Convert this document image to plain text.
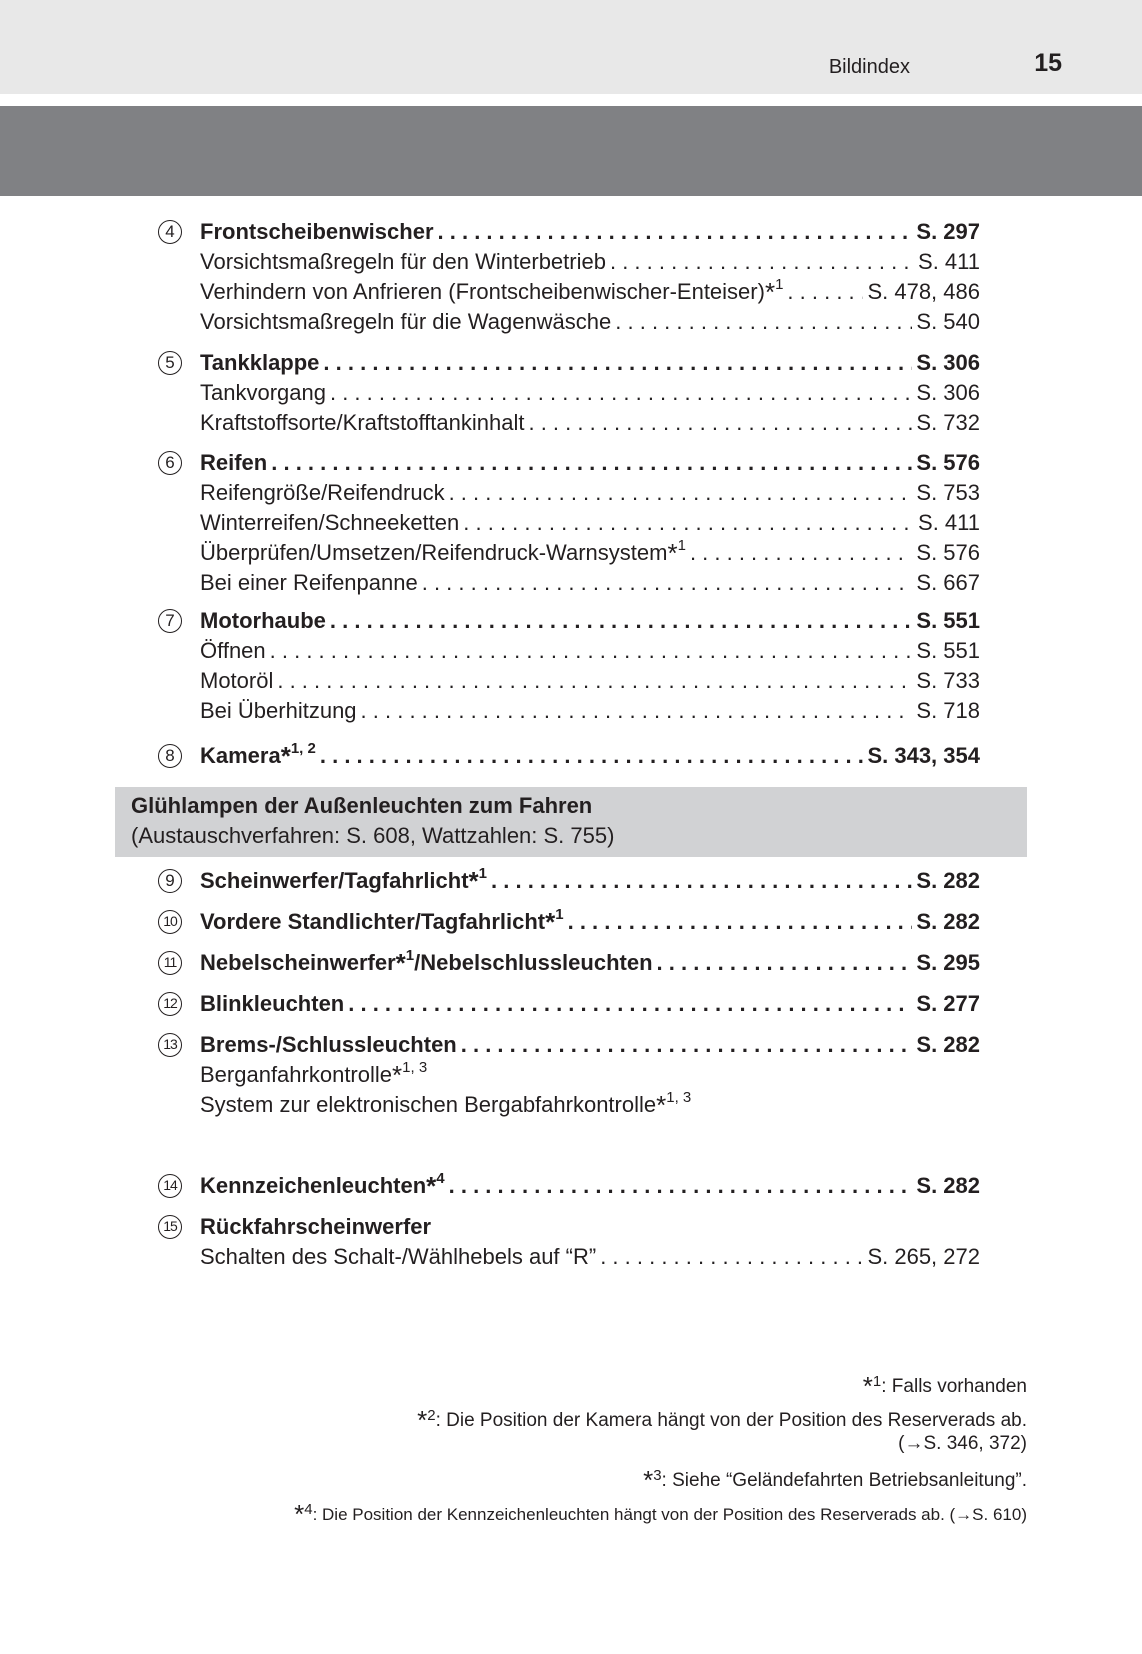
Bildindex	15
4	Frontscheibenwischer . . .	S. 297
Vorsichtsmaßregeln für den Winterbetrieb . . .	S. 411
Verhindern von Anfrieren (Frontscheibenwischer-Enteiser)*$^1$ . . .	S. 478, 486
Vorsichtsmaßregeln für die Wagenwäsche . . .	S. 540
5	Tankklappe . . .	S. 306
Tankvorgang . . .	S. 306
Kraftstoffsorte/Kraftstofftankinhalt . . .	S. 732
6	Reifen . . .	S. 576
Reifengröße/Reifendruck . . .	S. 753
Winterreifen/Schneeketten . . .	S. 411
Überprüfen/Umsetzen/Reifendruck-Warnsystem*$^1$ . . .	S. 576
Bei einer Reifenpanne . . .	S. 667
7	Motorhaube . . .	S. 551
Öffnen . . .	S. 551
Motoröl . . .	S. 733
Bei Überhitzung . . .	S. 718
8	Kamera*$^{1, 2}$ . . .	S. 343, 354
9	Scheinwerfer/Tagfahrlicht*$^1$ . . .	S. 282
10 Vordere Standlichter/Tagfahrlicht*$^1$ . . .	S. 282
11 Nebelscheinwerfer*$^1$/Nebelschlussleuchten . . .	S. 295
12 Blinkleuchten . . .	S. 277
13 Brems-/Schlussleuchten . . .	S. 282
Berganfahrkontrolle*$^{1, 3}$
System zur elektronischen Bergabfahrkontrolle*$^{1, 3}$
14 Kennzeichenleuchten*$^4$ . . .	S. 282
15 Rückfahrscheinwerfer
Schalten des Schalt-/Wählhebels auf “R” . . .	S. 265, 272
Glühlampen der Außenleuchten zum Fahren
(Austauschverfahren: S. 608, Wattzahlen: S. 755)
*$^1$: Falls vorhanden
*$^2$: Die Position der Kamera hängt von der Position des Reserverads ab.
(→S. 346, 372)
*$^3$: Siehe “Geländefahrten Betriebsanleitung”.
*4: Die Position der Kennzeichenleuchten hängt von der Position des Reserverads ab. (→S. 610)
